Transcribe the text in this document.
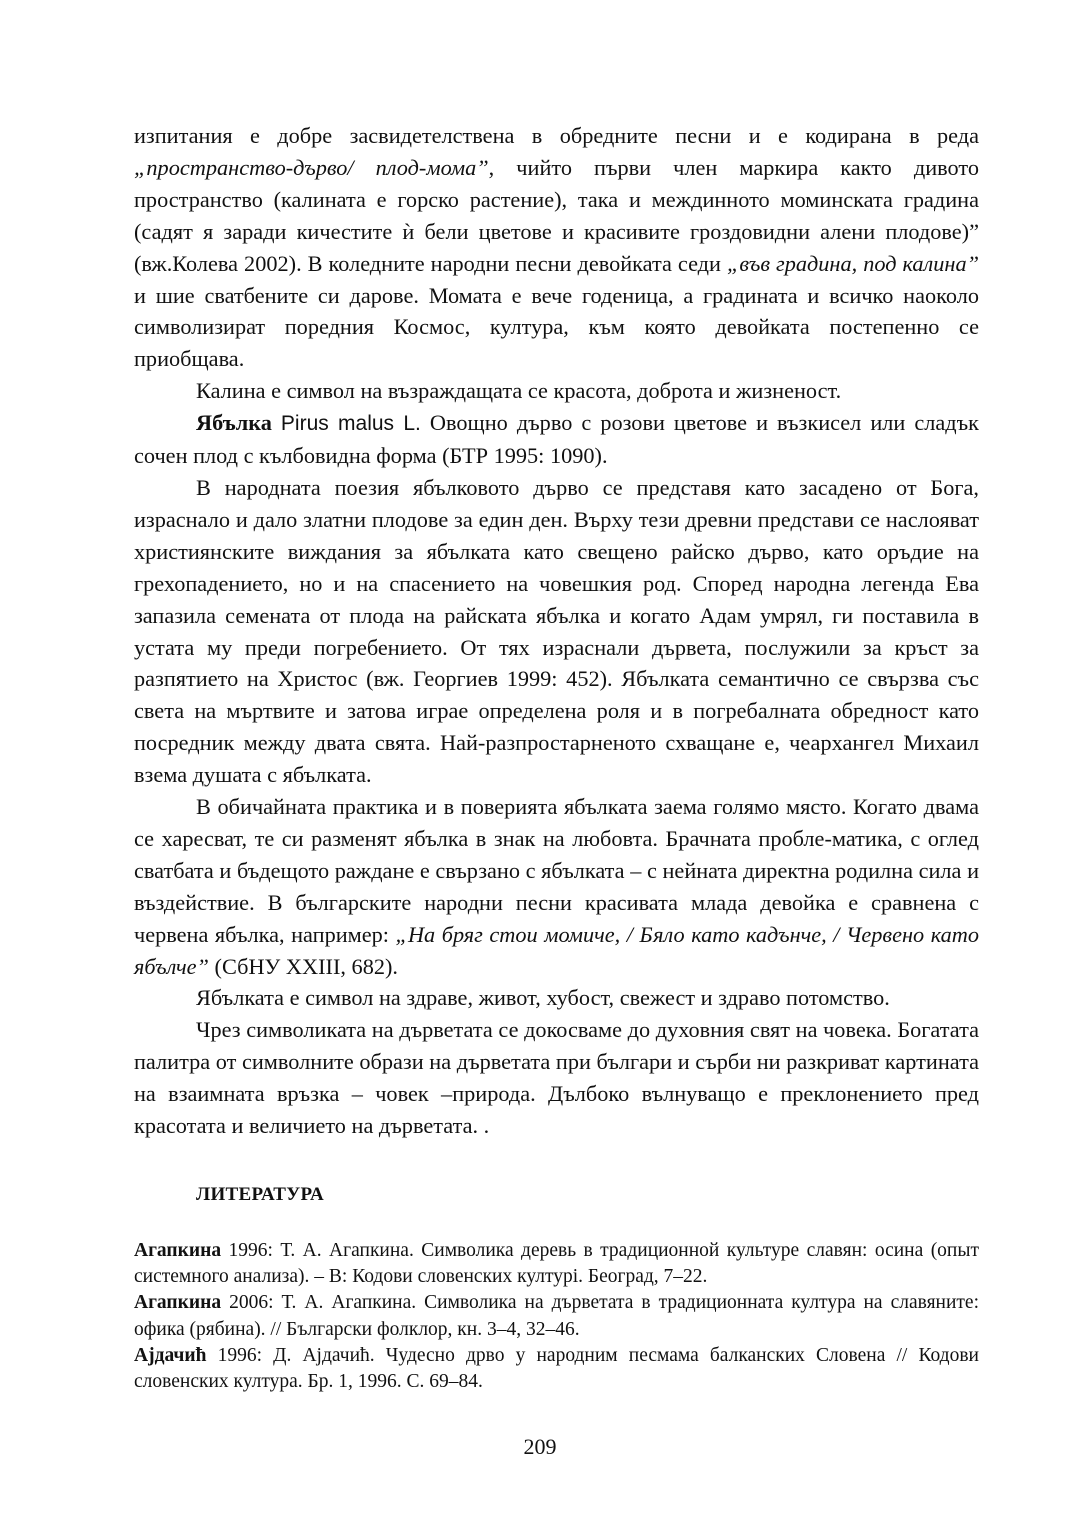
изпитания е добре засвидетелствена в обредните песни и е кодирана в реда „пространство-дърво/ плод-мома”, чийто първи член маркира както дивото пространство (калината е горско растение), така и междинното моминската градина (садят я заради кичестите ѝ бели цветове и красивите гроздовидни алени плодове)” (вж.Колева 2002). В коледните народни песни девойката седи „във градина, под калина” и шие сватбените си дарове. Момата е вече годеница, а градината и всичко наоколо символизират поредния Космос, култура, към която девойката постепенно се приобщава.

Калина е символ на възраждащата се красота, доброта и жизненост.

Ябълка Pirus malus L. Овощно дърво с розови цветове и възкисел или сладък сочен плод с кълбовидна форма (БТР 1995: 1090).

В народната поезия ябълковото дърво се представя като засадено от Бога, израснало и дало златни плодове за един ден. Върху тези древни представи се наслояват християнските виждания за ябълката като свещено райско дърво, като оръдие на грехопадението, но и на спасението на човешкия род. Според народна легенда Ева запазила семената от плода на райската ябълка и когато Адам умрял, ги поставила в устата му преди погребението. От тях израснали дървета, послужили за кръст за разпятието на Христос (вж. Георгиев 1999: 452). Ябълката семантично се свързва със света на мъртвите и затова играе определена роля и в погребалната обредност като посредник между двата свята. Най-разпростарненото схващане е, чеархангел Михаил взема душата с ябълката.

В обичайната практика и в поверията ябълката заема голямо място. Когато двама се харесват, те си разменят ябълка в знак на любовта. Брачната пробле-матика, с оглед сватбата и бъдещото раждане е свързано с ябълката – с нейната директна родилна сила и въздействие. В българските народни песни красивата млада девойка е сравнена с червена ябълка, например: „На бряг стои момиче, / Бяло като кадънче, / Червено като ябълче” (СбНУ XXIII, 682).

Ябълката е символ на здраве, живот, хубост, свежест и здраво потомство.

Чрез символиката на дърветата се докосваме до духовния свят на човека. Богатата палитра от символните образи на дърветата при българи и сърби ни разкриват картината на взаимната връзка – човек –природа. Дълбоко вълнуващо е преклонението пред красотата и величието на дърветата. .

ЛИТЕРАТУРА

Агапкина 1996: Т. А. Агапкина. Символика деревь в традиционной культуре славян: осина (опыт системного анализа). – В: Кодови словенских културi. Београд, 7–22.

Агапкина 2006: Т. А. Агапкина. Символика на дърветата в традиционната култура на славяните: офика (рябина). // Български фолклор, кн. 3–4, 32–46.

Ајдачић 1996: Д. Ајдачић. Чудесно дрво у народним песмама балканских Словена // Кодови словенских култура. Бр. 1, 1996. С. 69–84.

209
